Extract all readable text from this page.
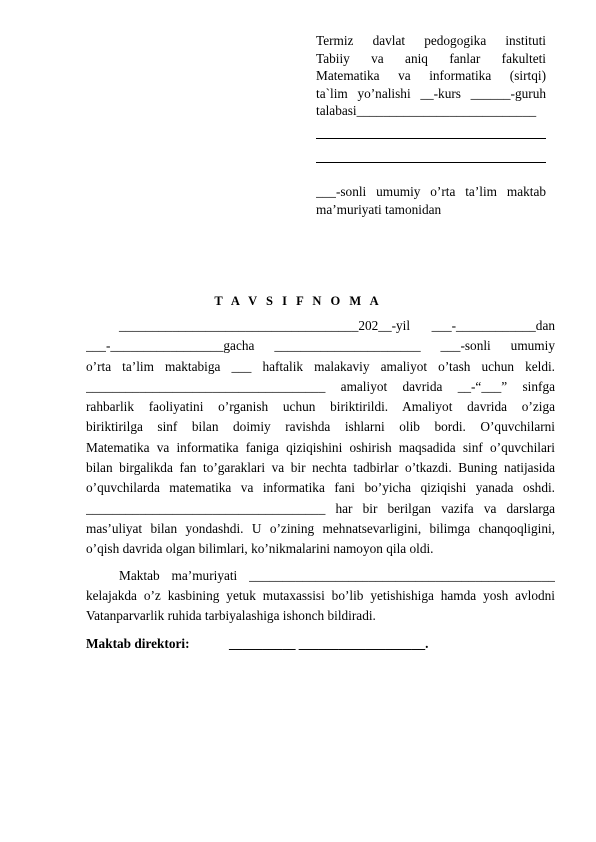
Termiz davlat pedogogika instituti
Tabiiy va aniq fanlar fakulteti
Matematika va informatika (sirtqi)
ta`lim yo’nalishi __-kurs ______-guruh
talabasi___________________________
___-sonli umumiy o’rta ta’lim maktab
ma’muriyati tamonidan
T A V S I F N O M A
____________________________________202__-yil ___-____________dan
___-_________________gacha ______________________ ___-sonli umumiy
o’rta ta’lim maktabiga ___ haftalik malakaviy amaliyot o’tash uchun keldi.
____________________________________ amaliyot davrida __-“___” sinfga
rahbarlik faoliyatini o’rganish uchun biriktirildi. Amaliyot davrida o’ziga
biriktirilga sinf bilan doimiy ravishda ishlarni olib bordi. O’quvchilarni
Matematika va informatika faniga qiziqishini oshirish maqsadida sinf o’quvchilari
bilan birgalikda fan to’garaklari va bir nechta tadbirlar o’tkazdi. Buning natijasida
o’quvchilarda matematika va informatika fani bo’yicha qiziqishi yanada oshdi.
____________________________________ har bir berilgan vazifa va darslarga
mas’uliyat bilan yondashdi. U o’zining mehnatsevarligini, bilimga chanqoqligini,
o’qish davrida olgan bilimlari, ko’nikmalarini namoyon qila oldi.
Maktab ma’muriyati ______________________________________________
kelajakda o’z kasbining yetuk mutaxassisi bo’lib yetishishiga hamda yosh avlodni
Vatanparvarlik ruhida tarbiyalashiga ishonch bildiradi.
Maktab direktori:	__________ ___________________.
